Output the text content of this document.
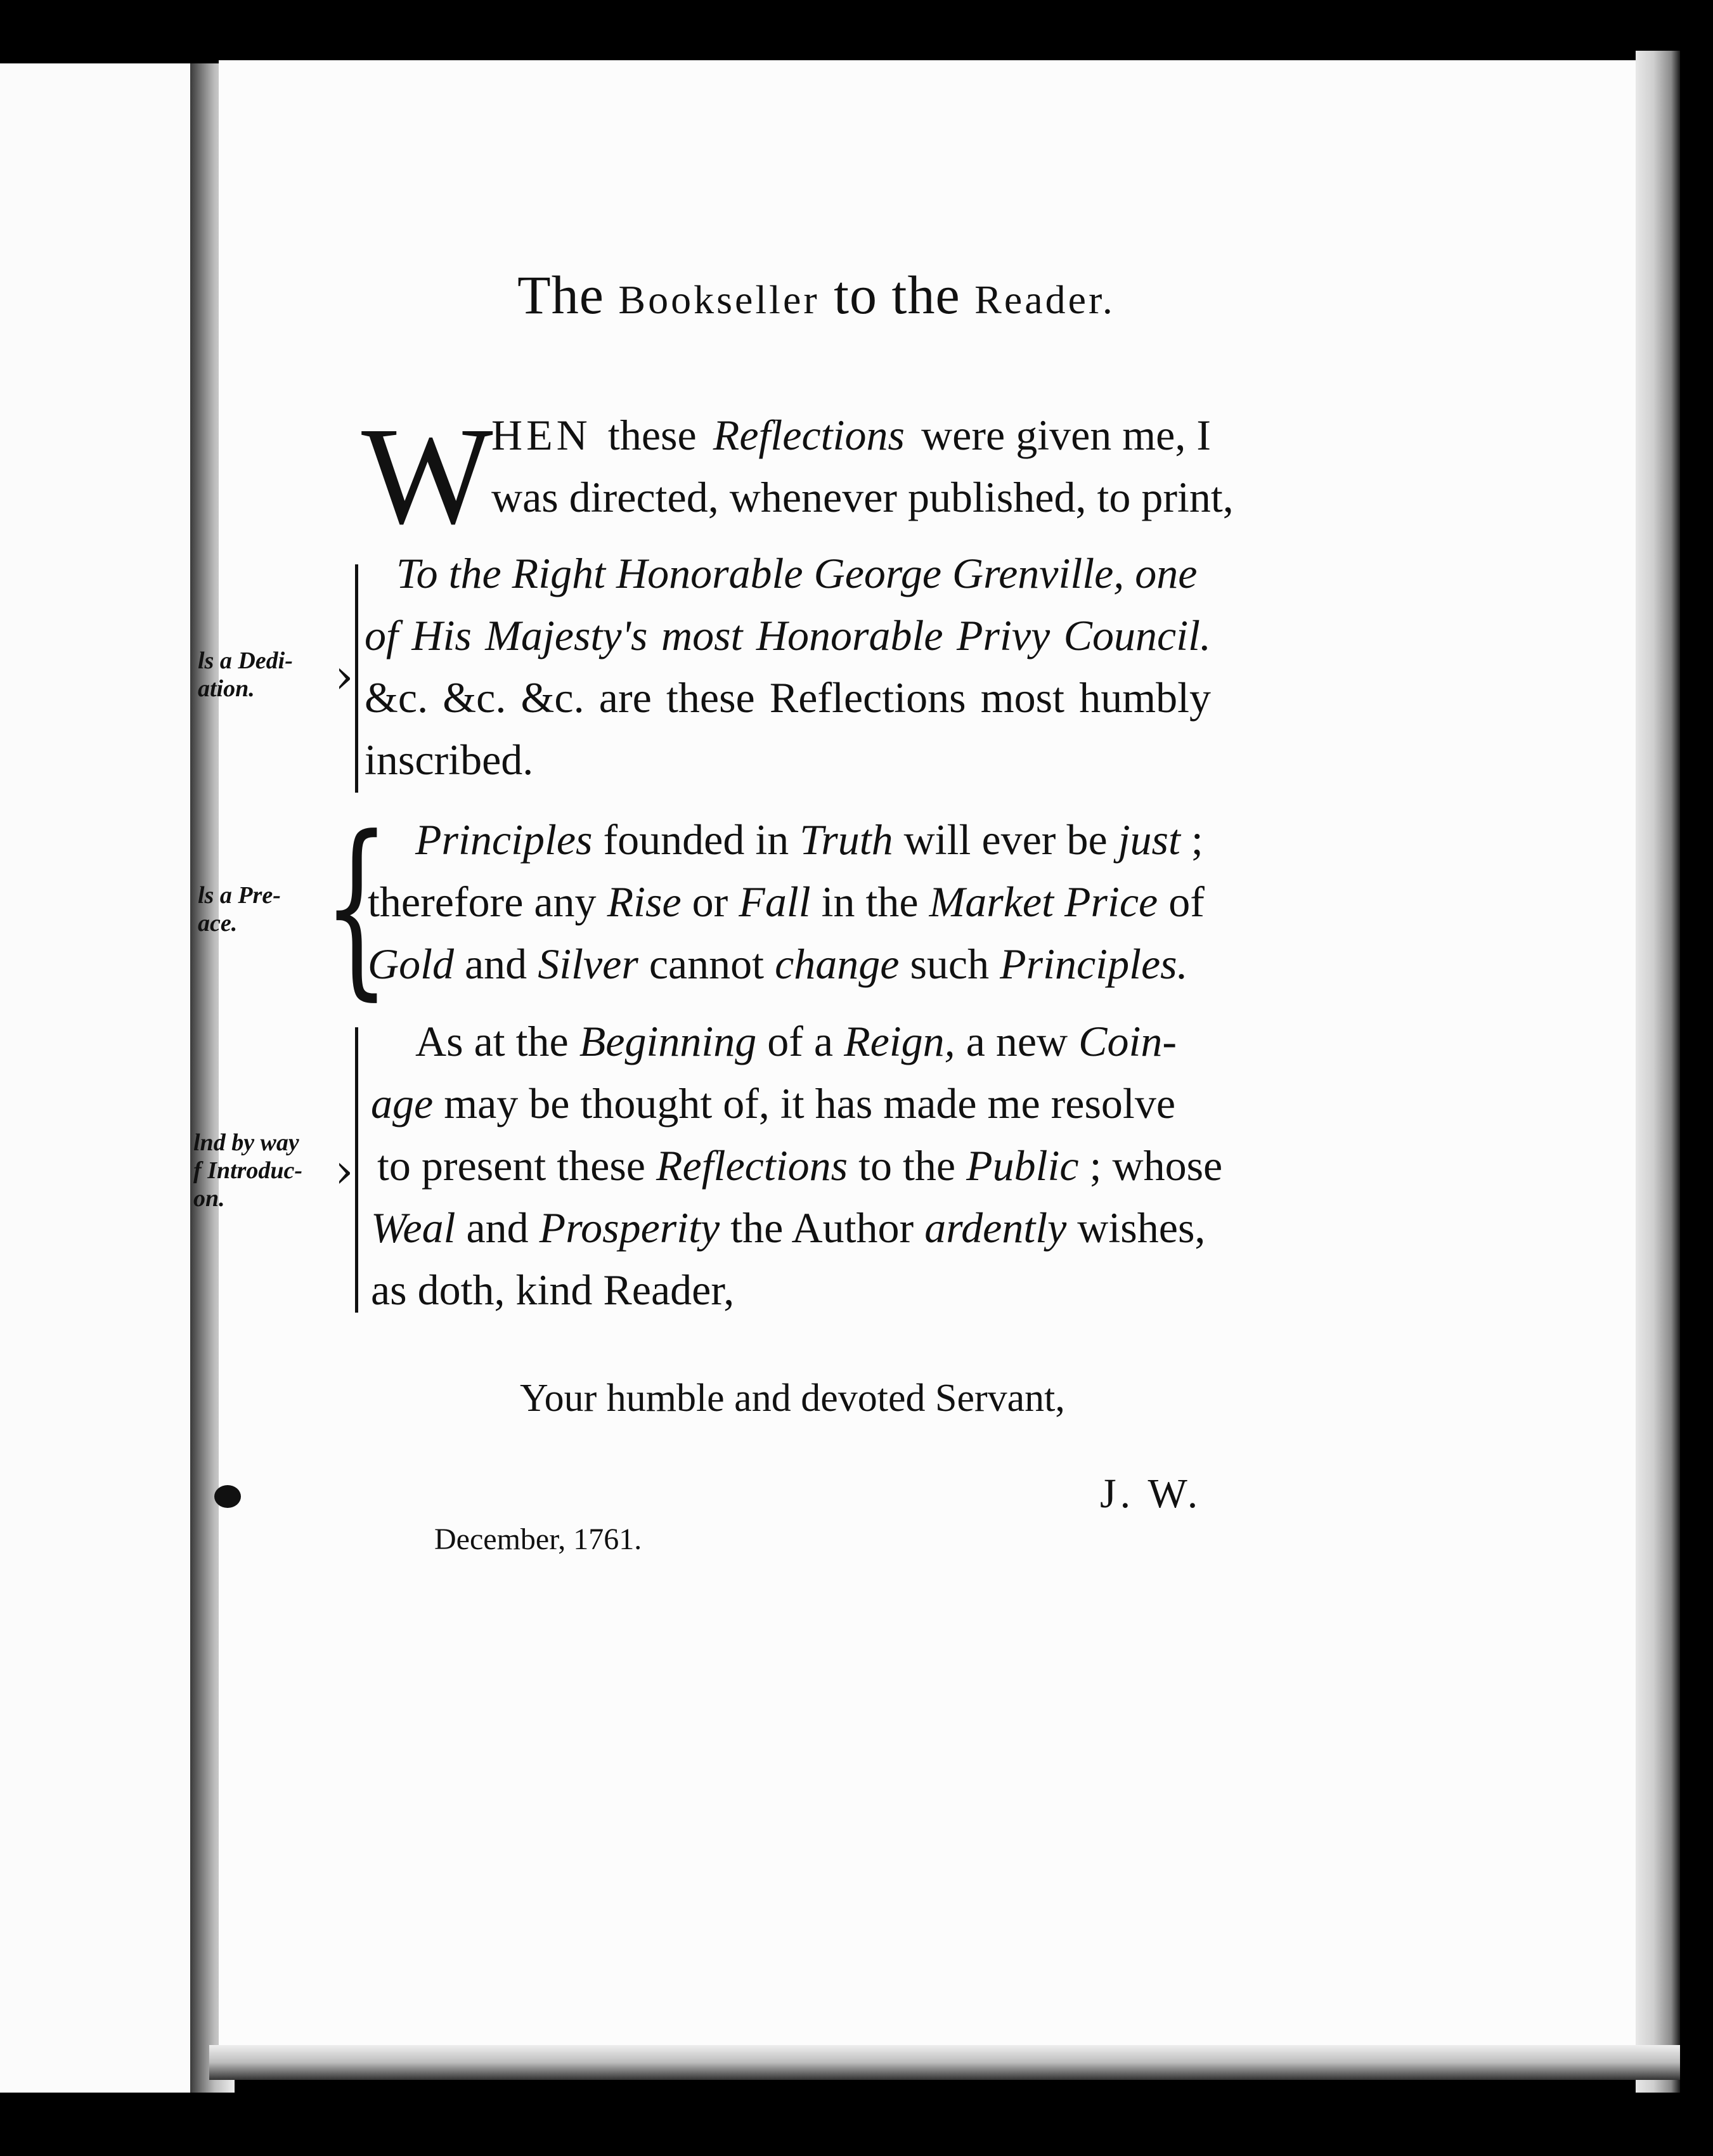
The Bookseller to the Reader.
W
HEN these Reflections were given me, I
was directed, whenever published, to print,
›
To the Right Honorable George Grenville, one
of His Majesty's most Honorable Privy Council.
&c. &c. &c. are these Reflections most humbly
inscribed.
{ Principles founded in Truth will ever be just ;
therefore any Rise or Fall in the Market Price of
Gold and Silver cannot change such Principles.
›
As at the Beginning of a Reign, a new Coin-
age may be thought of, it has made me resolve
to present these Reflections to the Public ; whose
Weal and Prosperity the Author ardently wishes,
as doth, kind Reader,
ls a Dedi-
ation.
ls a Pre-
ace.
lnd by way
f Introduc-
on.
Your humble and devoted Servant,
J. W.
December, 1761.
